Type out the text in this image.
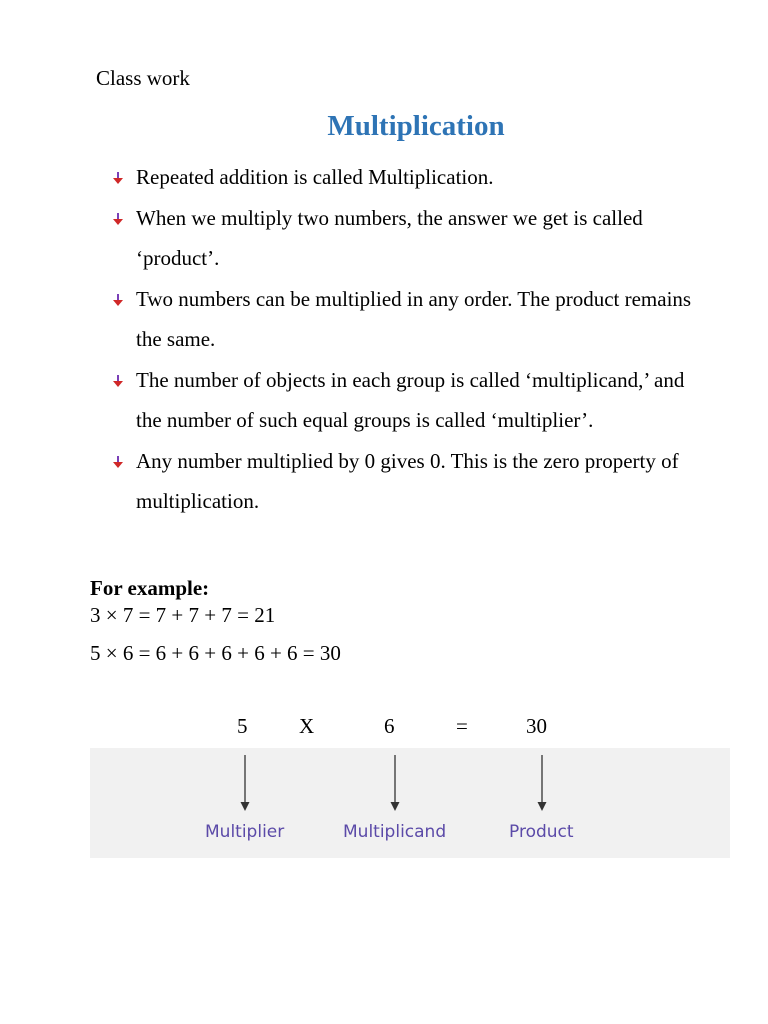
Class work
Multiplication
Repeated addition is called Multiplication.
When we multiply two numbers, the answer we get is called ‘product’.
Two numbers can be multiplied in any order. The product remains the same.
The number of objects in each group is called ‘multiplicand,’ and the number of such equal groups is called ‘multiplier’.
Any number multiplied by 0 gives 0. This is the zero property of multiplication.
For example:
3 × 7 = 7 + 7 + 7 = 21
5 × 6 = 6 + 6 + 6 + 6 + 6 = 30
5 X	6	=	30
Multiplier	Multiplicand	Product
